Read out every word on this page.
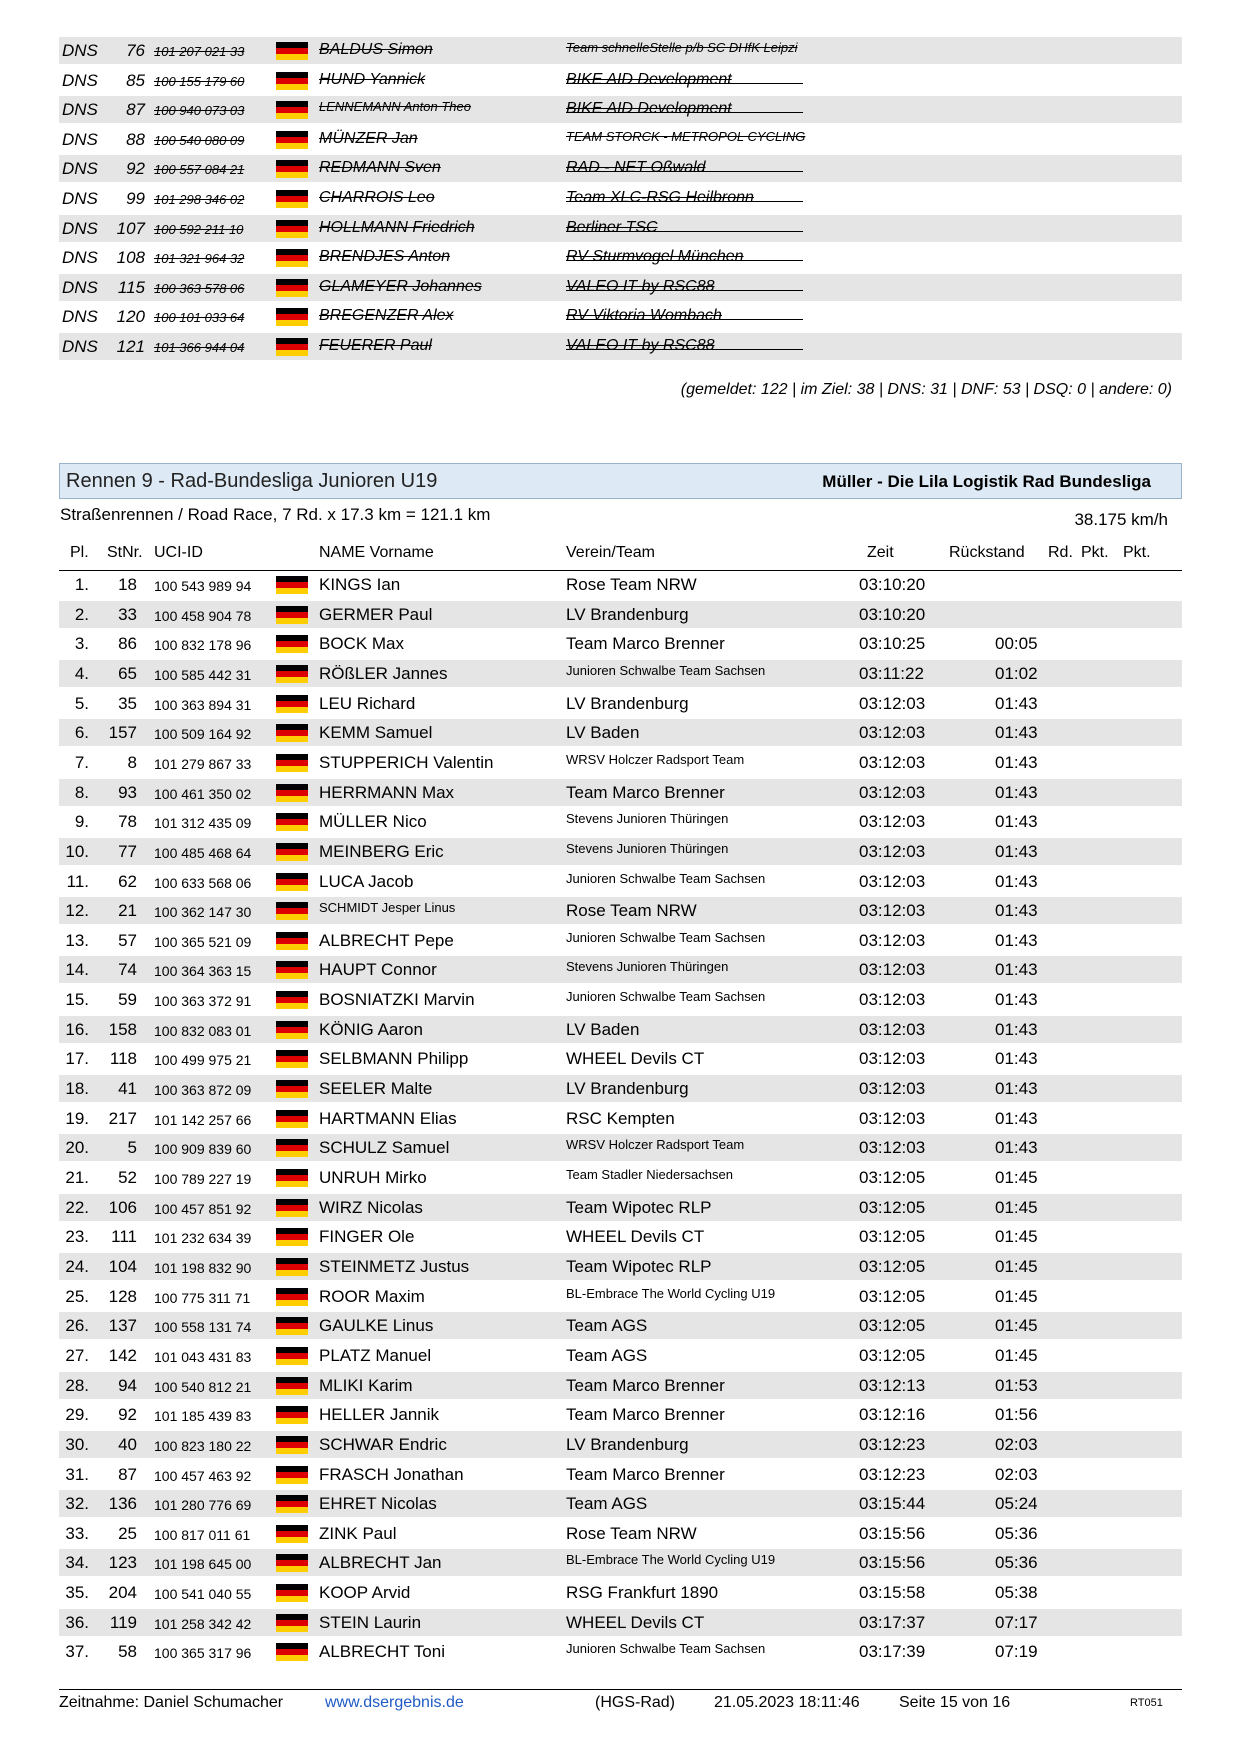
DNS	76 101 207 021 33	BALDUS Simon	Team schnelleStelle p/b SC DHfK Leipzi
DNS	85 100 155 179 60	HUND Yannick	BIKE AID Development
DNS	87 100 940 073 03	LENNEMANN Anton Theo	BIKE AID Development
DNS	88 100 540 080 09	MÜNZER Jan	TEAM STORCK - METROPOL CYCLING
DNS	92 100 557 084 21	REDMANN Sven	RAD - NET Oßwald
DNS	99 101 298 346 02	CHARROIS Leo	Team XLC-RSG Heilbronn
DNS 107 100 592 211 10	HOLLMANN Friedrich	Berliner TSC
DNS 108 101 321 964 32	BRENDJES Anton	RV Sturmvogel München
DNS 115 100 363 578 06	GLAMEYER Johannes	VALEO IT by RSC88
DNS 120 100 101 033 64	BREGENZER Alex	RV Viktoria Wombach
DNS 121 101 366 944 04	FEUERER Paul	VALEO IT by RSC88
(gemeldet: 122 | im Ziel: 38 | DNS: 31 | DNF: 53 | DSQ: 0 | andere: 0)
Rennen 9 - Rad-Bundesliga Junioren U19	Müller - Die Lila Logistik Rad Bundesliga
Straßenrennen / Road Race, 7 Rd. x 17.3 km = 121.1 km	38.175 km/h
Pl. StNr. UCI-ID	NAME Vorname	Verein/Team	Zeit	Rückstand Rd. Pkt. Pkt.
1.	18 100 543 989 94	KINGS Ian	Rose Team NRW	03:10:20
2.	33 100 458 904 78	GERMER Paul	LV Brandenburg	03:10:20
3.	86 100 832 178 96	BOCK Max	Team Marco Brenner	03:10:25	00:05
4.	65 100 585 442 31	RÖßLER Jannes	Junioren Schwalbe Team Sachsen	03:11:22	01:02
5.	35 100 363 894 31	LEU Richard	LV Brandenburg	03:12:03	01:43
6.	157 100 509 164 92	KEMM Samuel	LV Baden	03:12:03	01:43
7.	8 101 279 867 33	STUPPERICH Valentin	WRSV Holczer Radsport Team	03:12:03	01:43
8.	93 100 461 350 02	HERRMANN Max	Team Marco Brenner	03:12:03	01:43
9.	78 101 312 435 09	MÜLLER Nico	Stevens Junioren Thüringen	03:12:03	01:43
10.	77 100 485 468 64	MEINBERG Eric	Stevens Junioren Thüringen	03:12:03	01:43
11.	62 100 633 568 06	LUCA Jacob	Junioren Schwalbe Team Sachsen	03:12:03	01:43
12.	21 100 362 147 30	SCHMIDT Jesper Linus	Rose Team NRW	03:12:03	01:43
13.	57 100 365 521 09	ALBRECHT Pepe	Junioren Schwalbe Team Sachsen	03:12:03	01:43
14.	74 100 364 363 15	HAUPT Connor	Stevens Junioren Thüringen	03:12:03	01:43
15.	59 100 363 372 91	BOSNIATZKI Marvin	Junioren Schwalbe Team Sachsen	03:12:03	01:43
16.	158 100 832 083 01	KÖNIG Aaron	LV Baden	03:12:03	01:43
17.	118 100 499 975 21	SELBMANN Philipp	WHEEL Devils CT	03:12:03	01:43
18.	41 100 363 872 09	SEELER Malte	LV Brandenburg	03:12:03	01:43
19.	217 101 142 257 66	HARTMANN Elias	RSC Kempten	03:12:03	01:43
20.	5 100 909 839 60	SCHULZ Samuel	WRSV Holczer Radsport Team	03:12:03	01:43
21.	52 100 789 227 19	UNRUH Mirko	Team Stadler Niedersachsen	03:12:05	01:45
22.	106 100 457 851 92	WIRZ Nicolas	Team Wipotec RLP	03:12:05	01:45
23.	111 101 232 634 39	FINGER Ole	WHEEL Devils CT	03:12:05	01:45
24.	104 101 198 832 90	STEINMETZ Justus	Team Wipotec RLP	03:12:05	01:45
25.	128 100 775 311 71	ROOR Maxim	BL-Embrace The World Cycling U19	03:12:05	01:45
26.	137 100 558 131 74	GAULKE Linus	Team AGS	03:12:05	01:45
27.	142 101 043 431 83	PLATZ Manuel	Team AGS	03:12:05	01:45
28.	94 100 540 812 21	MLIKI Karim	Team Marco Brenner	03:12:13	01:53
29.	92 101 185 439 83	HELLER Jannik	Team Marco Brenner	03:12:16	01:56
30.	40 100 823 180 22	SCHWAR Endric	LV Brandenburg	03:12:23	02:03
31.	87 100 457 463 92	FRASCH Jonathan	Team Marco Brenner	03:12:23	02:03
32.	136 101 280 776 69	EHRET Nicolas	Team AGS	03:15:44	05:24
33.	25 100 817 011 61	ZINK Paul	Rose Team NRW	03:15:56	05:36
34.	123 101 198 645 00	ALBRECHT Jan	BL-Embrace The World Cycling U19	03:15:56	05:36
35.	204 100 541 040 55	KOOP Arvid	RSG Frankfurt 1890	03:15:58	05:38
36.	119 101 258 342 42	STEIN Laurin	WHEEL Devils CT	03:17:37	07:17
37.	58 100 365 317 96	ALBRECHT Toni	Junioren Schwalbe Team Sachsen	03:17:39	07:19
Zeitnahme: Daniel Schumacher	www.dsergebnis.de	(HGS-Rad) 21.05.2023 18:11:46 Seite 15 von 16	RT051
